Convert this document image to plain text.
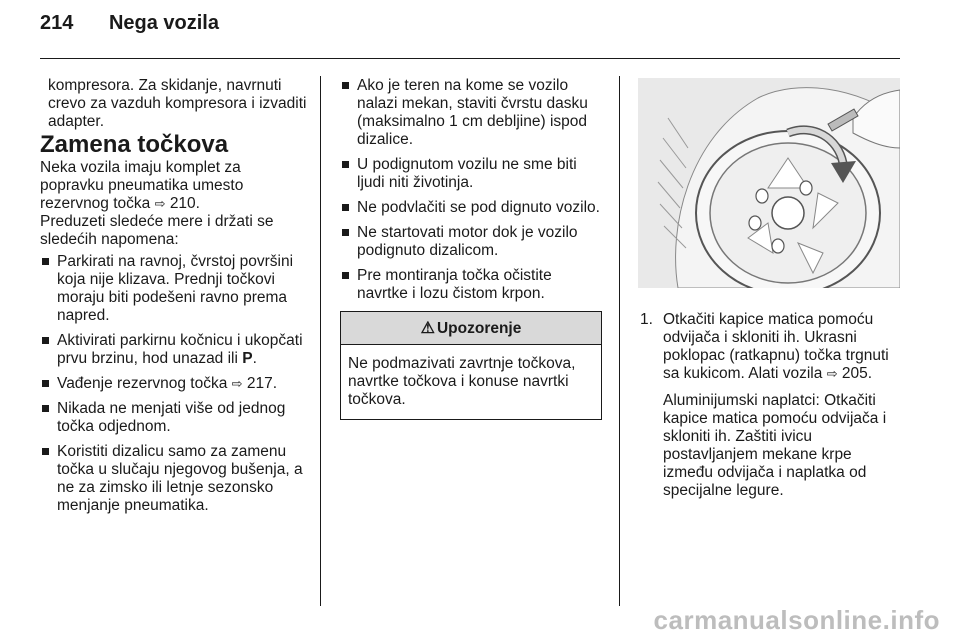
214 Nega vozila

kompresora. Za skidanje, navrnuti crevo za vazduh kompresora i izvaditi adapter.

Zamena točkova

Neka vozila imaju komplet za popravku pneumatika umesto rezervnog točka ⇨ 210.

Preduzeti sledeće mere i držati se sledećih napomena:

Parkirati na ravnoj, čvrstoj površini koja nije klizava. Prednji točkovi moraju biti podešeni ravno prema napred.
Aktivirati parkirnu kočnicu i ukopčati prvu brzinu, hod unazad ili P.
Vađenje rezervnog točka ⇨ 217.
Nikada ne menjati više od jednog točka odjednom.
Koristiti dizalicu samo za zamenu točka u slučaju njegovog bušenja, a ne za zimsko ili letnje sezonsko menjanje pneumatika.
Ako je teren na kome se vozilo nalazi mekan, staviti čvrstu dasku (maksimalno 1 cm debljine) ispod dizalice.
U podignutom vozilu ne sme biti ljudi niti životinja.
Ne podvlačiti se pod dignuto vozilo.
Ne startovati motor dok je vozilo podignuto dizalicom.
Pre montiranja točka očistite navrtke i lozu čistom krpon.
⚠ Upozorenje
Ne podmazivati zavrtnje točkova, navrtke točkova i konuse navrtki točkova.
1. Otkačiti kapice matica pomoću odvijača i skloniti ih. Ukrasni poklopac (ratkapnu) točka trgnuti sa kukicom. Alati vozila ⇨ 205.

Aluminijumski naplatci: Otkačiti kapice matica pomoću odvijača i skloniti ih. Zaštiti ivicu postavljanjem mekane krpe između odvijača i naplatka od specijalne legure.

carmanualsonline.info
